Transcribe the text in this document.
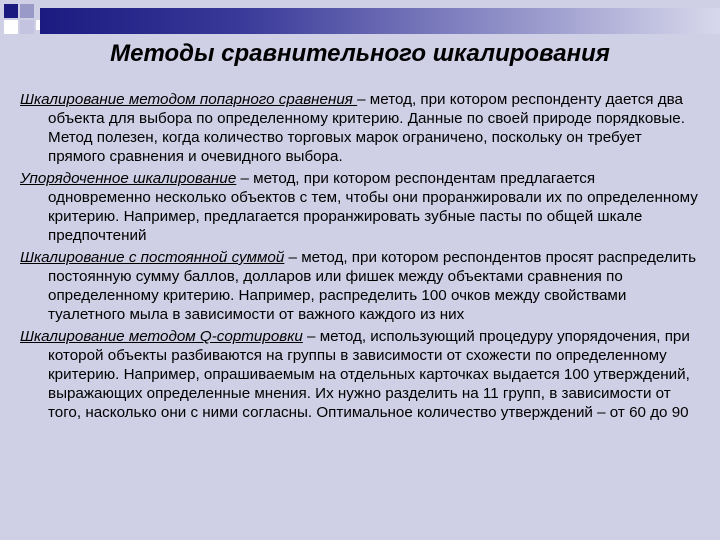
Методы сравнительного шкалирования

Шкалирование методом попарного сравнения – метод, при котором респонденту дается два объекта для выбора по определенному критерию. Данные по своей природе порядковые. Метод полезен, когда количество торговых марок ограничено, поскольку он требует прямого сравнения и очевидного выбора.

Упорядоченное шкалирование – метод, при котором респондентам предлагается одновременно несколько объектов с тем, чтобы они проранжировали их по определенному критерию. Например, предлагается проранжировать зубные пасты по общей шкале предпочтений

Шкалирование с постоянной суммой – метод, при котором респондентов просят распределить постоянную сумму баллов, долларов или фишек между объектами сравнения по определенному критерию. Например, распределить 100 очков между свойствами туалетного мыла в зависимости от важного каждого из них

Шкалирование методом Q-сортировки – метод, использующий процедуру упорядочения, при которой объекты разбиваются на группы в зависимости от схожести по определенному критерию. Например, опрашиваемым на отдельных карточках выдается 100 утверждений, выражающих определенные мнения. Их нужно разделить на 11 групп, в зависимости от того, насколько они с ними согласны. Оптимальное количество утверждений – от 60 до 90
